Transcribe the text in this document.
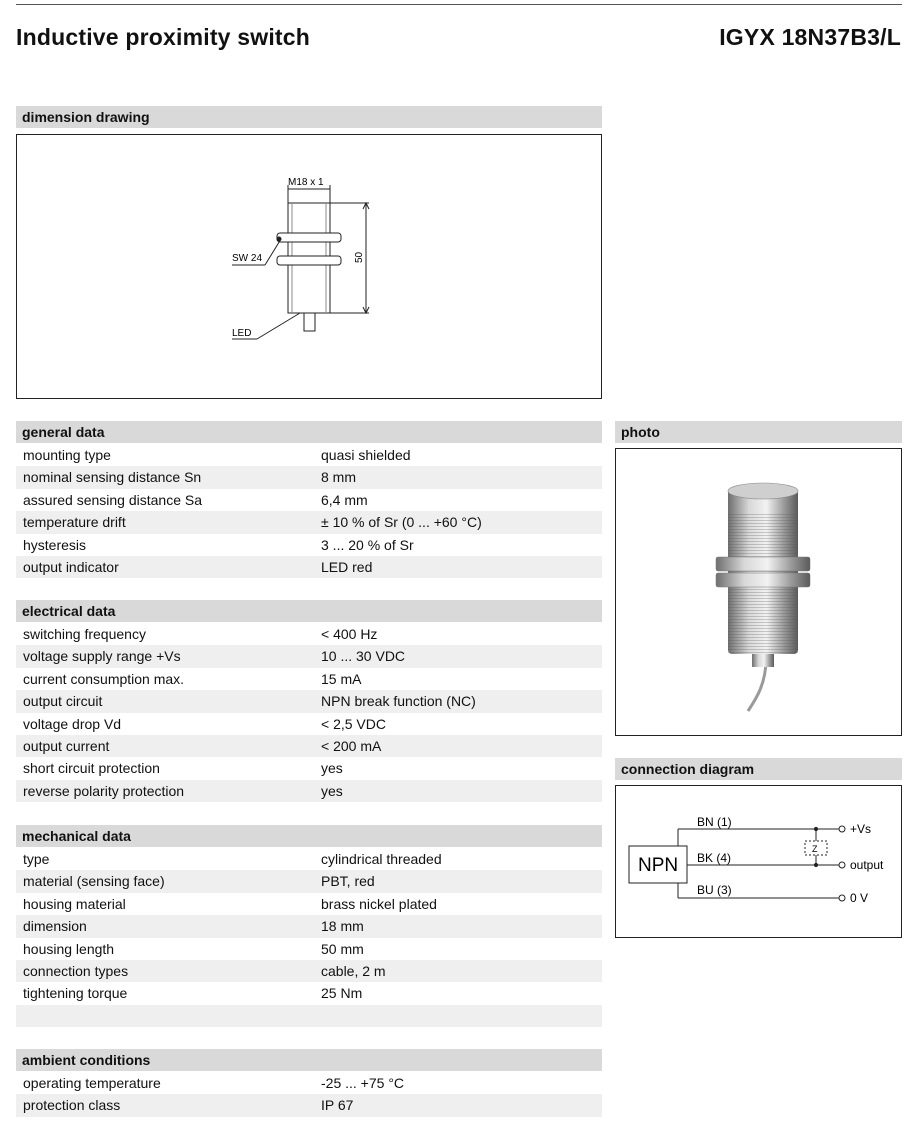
Inductive proximity switch	IGYX 18N37B3/L
dimension drawing
M18 x 1
SW 24	50
LED
general data
mounting type	quasi shielded
nominal sensing distance Sn	8 mm
assured sensing distance Sa	6,4 mm
temperature drift	± 10 % of Sr (0 ... +60 °C)
hysteresis	3 ... 20 % of Sr
output indicator	LED red
electrical data
switching frequency	< 400 Hz
voltage supply range +Vs	10 ... 30 VDC
current consumption max.	15 mA
output circuit	NPN break function (NC)
voltage drop Vd	< 2,5 VDC
output current	< 200 mA
short circuit protection	yes
reverse polarity protection	yes
mechanical data
type	cylindrical threaded
material (sensing face)	PBT, red
housing material	brass nickel plated
dimension	18 mm
housing length	50 mm
connection types	cable, 2 m
tightening torque	25 Nm
ambient conditions
operating temperature	-25 ... +75 °C
protection class	IP 67
photo
connection diagram
NPN
BN (1)
BK (4)
BU (3)
Z
+Vs
output
0 V
